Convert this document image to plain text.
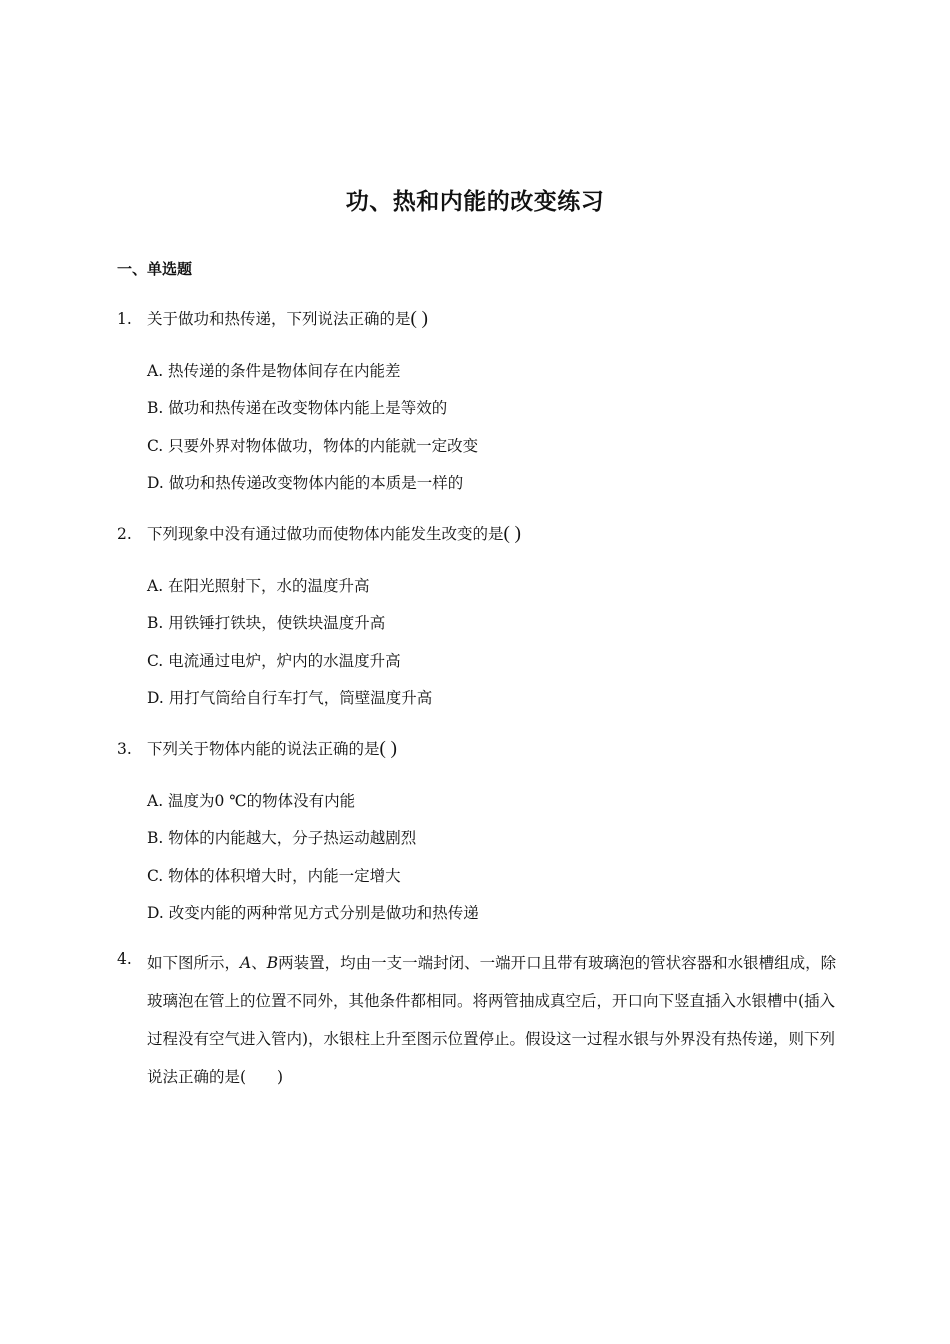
功、热和内能的改变练习
一、单选题
1. 关于做功和热传递，下列说法正确的是( )
A. 热传递的条件是物体间存在内能差
B. 做功和热传递在改变物体内能上是等效的
C. 只要外界对物体做功，物体的内能就一定改变
D. 做功和热传递改变物体内能的本质是一样的
2. 下列现象中没有通过做功而使物体内能发生改变的是( )
A. 在阳光照射下，水的温度升高
B. 用铁锤打铁块，使铁块温度升高
C. 电流通过电炉，炉内的水温度升高
D. 用打气筒给自行车打气，筒壁温度升高
3. 下列关于物体内能的说法正确的是( )
A. 温度为0 ℃的物体没有内能
B. 物体的内能越大，分子热运动越剧烈
C. 物体的体积增大时，内能一定增大
D. 改变内能的两种常见方式分别是做功和热传递
4. 如下图所示，A、B两装置，均由一支一端封闭、一端开口且带有玻璃泡的管状容器和水银槽组成，除玻璃泡在管上的位置不同外，其他条件都相同。将两管抽成真空后，开口向下竖直插入水银槽中(插入过程没有空气进入管内)，水银柱上升至图示位置停止。假设这一过程水银与外界没有热传递，则下列说法正确的是(　　)
